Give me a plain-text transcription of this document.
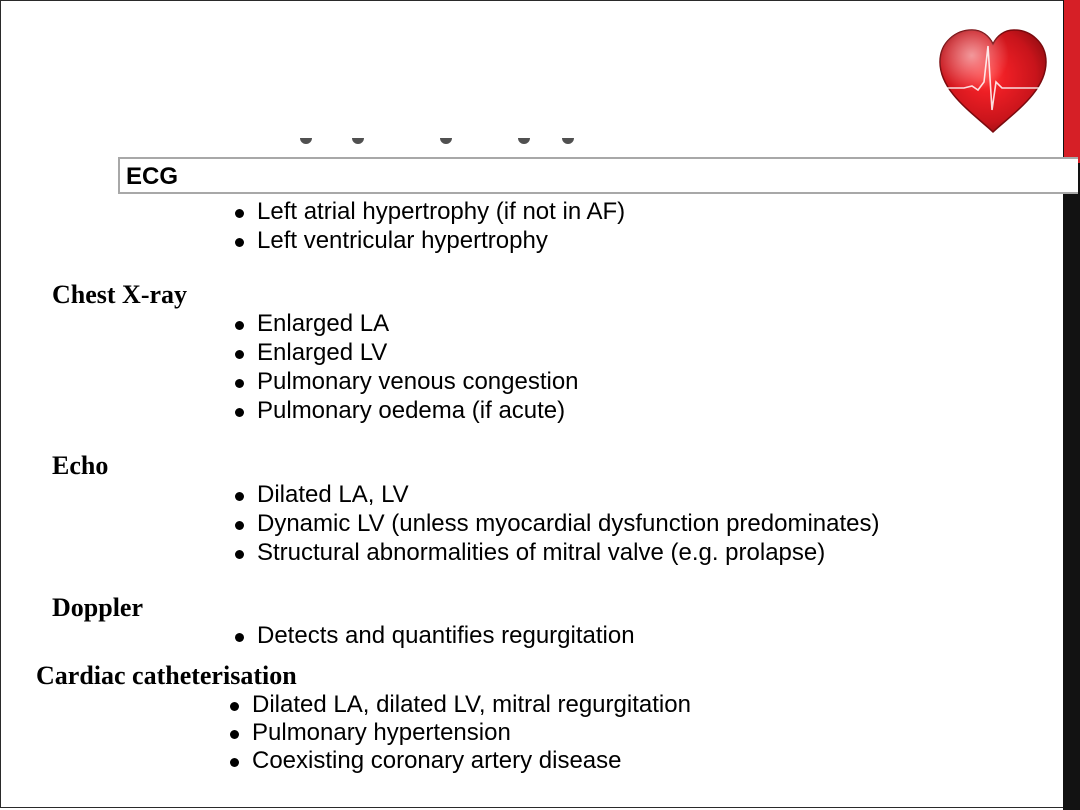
ECG
Left atrial hypertrophy (if not in AF)
Left ventricular hypertrophy
Chest X-ray
Enlarged LA
Enlarged LV
Pulmonary venous congestion
Pulmonary oedema (if acute)
Echo
Dilated LA, LV
Dynamic LV (unless myocardial dysfunction predominates)
Structural abnormalities of mitral valve (e.g. prolapse)
Doppler
Detects and quantifies regurgitation
Cardiac catheterisation
Dilated LA, dilated LV, mitral regurgitation
Pulmonary hypertension
Coexisting coronary artery disease
